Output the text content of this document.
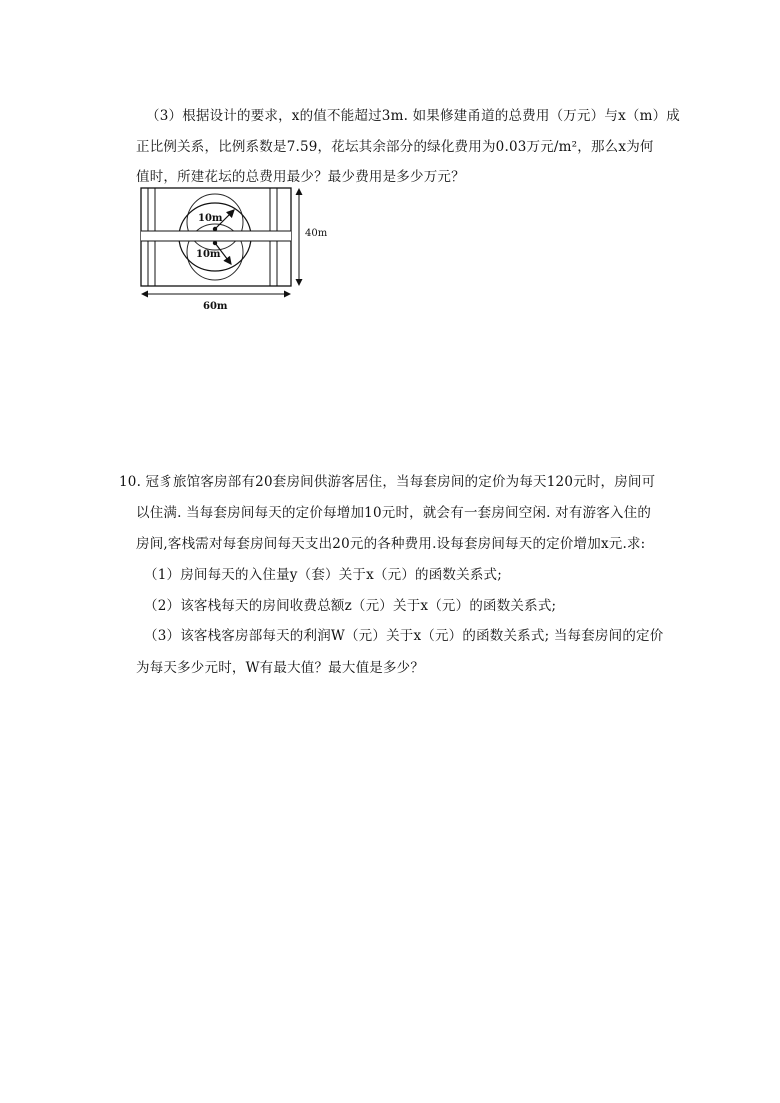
（3）根据设计的要求，x的值不能超过3m. 如果修建甬道的总费用（万元）与x（m）成
正比例关系，比例系数是7.59，花坛其余部分的绿化费用为0.03万元/m²，那么x为何
值时，所建花坛的总费用最少？最少费用是多少万元？
10m
10m
40m
60m
10. 冠豸旅馆客房部有20套房间供游客居住，当每套房间的定价为每天120元时，房间可
以住满. 当每套房间每天的定价每增加10元时，就会有一套房间空闲. 对有游客入住的
房间,客栈需对每套房间每天支出20元的各种费用.设每套房间每天的定价增加x元.求:
（1）房间每天的入住量y（套）关于x（元）的函数关系式;
（2）该客栈每天的房间收费总额z（元）关于x（元）的函数关系式;
（3）该客栈客房部每天的利润W（元）关于x（元）的函数关系式; 当每套房间的定价
为每天多少元时，W有最大值？最大值是多少？
